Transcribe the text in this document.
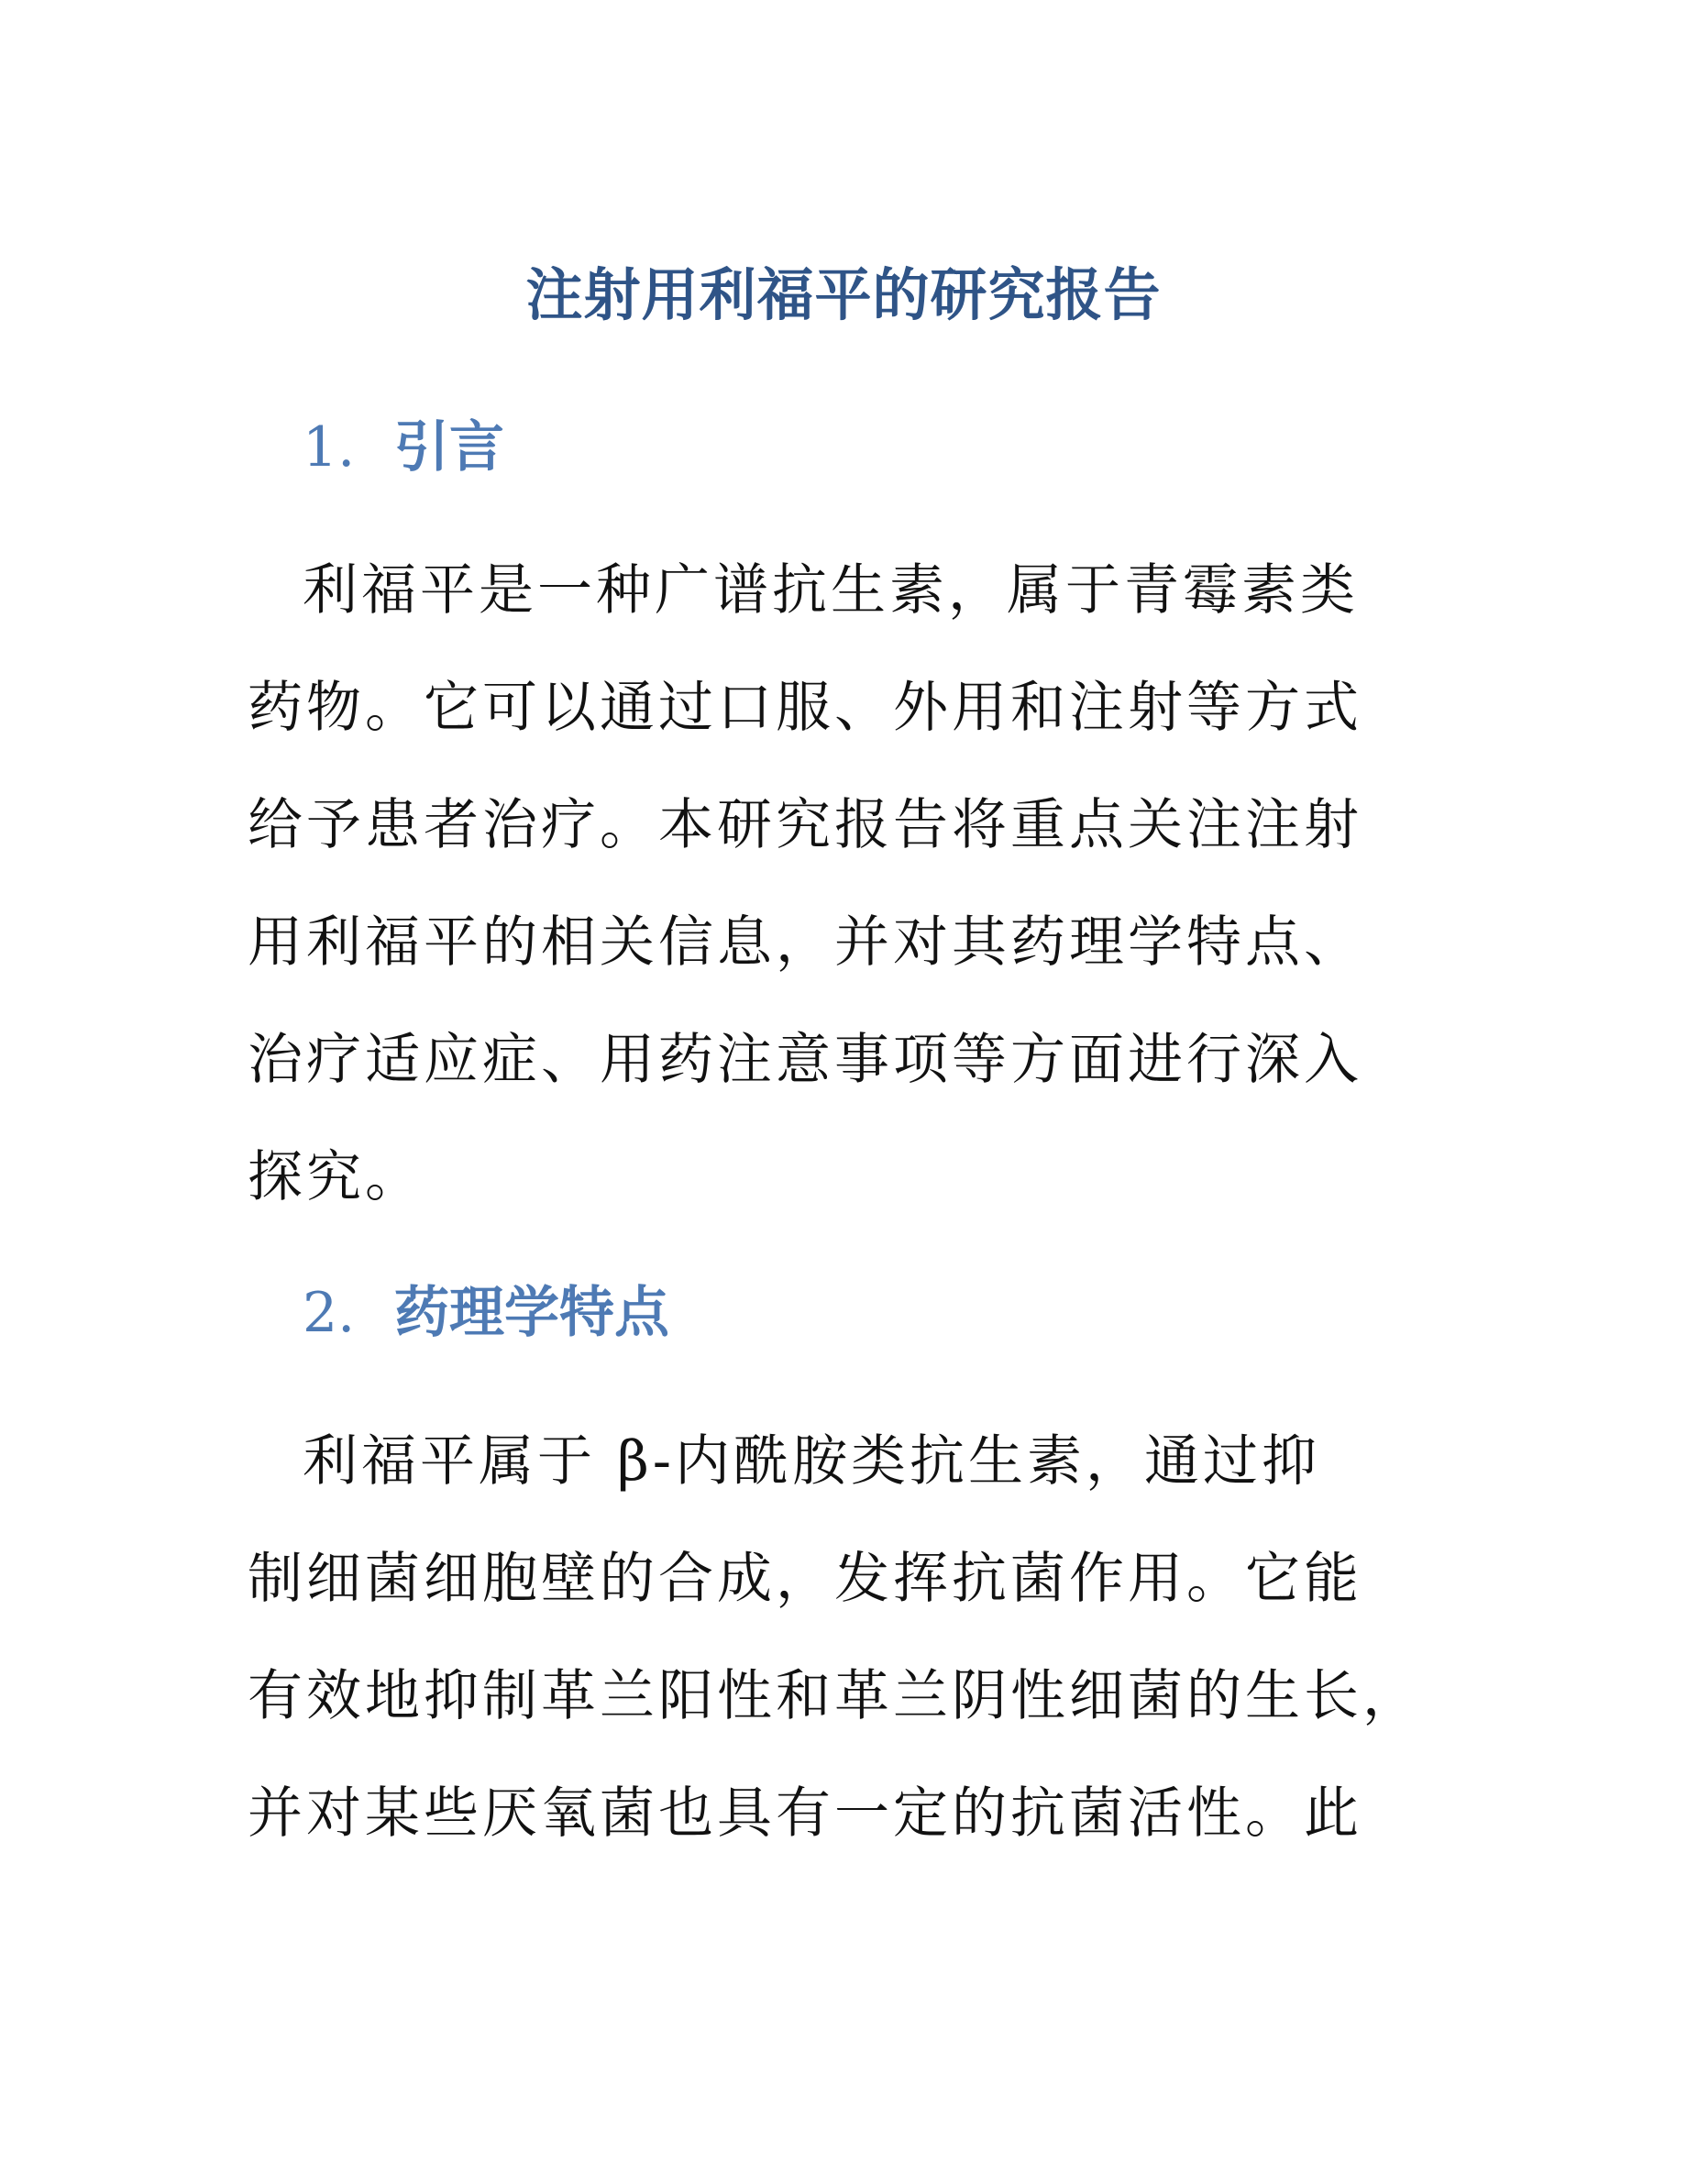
注射用利福平的研究报告
1. 引言
利福平是一种广谱抗生素，属于青霉素类
药物。它可以通过口服、外用和注射等方式
给予患者治疗。本研究报告将重点关注注射
用利福平的相关信息，并对其药理学特点、
治疗适应症、用药注意事项等方面进行深入
探究。
2. 药理学特点
利福平属于 β-内酰胺类抗生素，通过抑
制细菌细胞壁的合成，发挥抗菌作用。它能
有效地抑制革兰阳性和革兰阴性细菌的生长，
并对某些厌氧菌也具有一定的抗菌活性。此
